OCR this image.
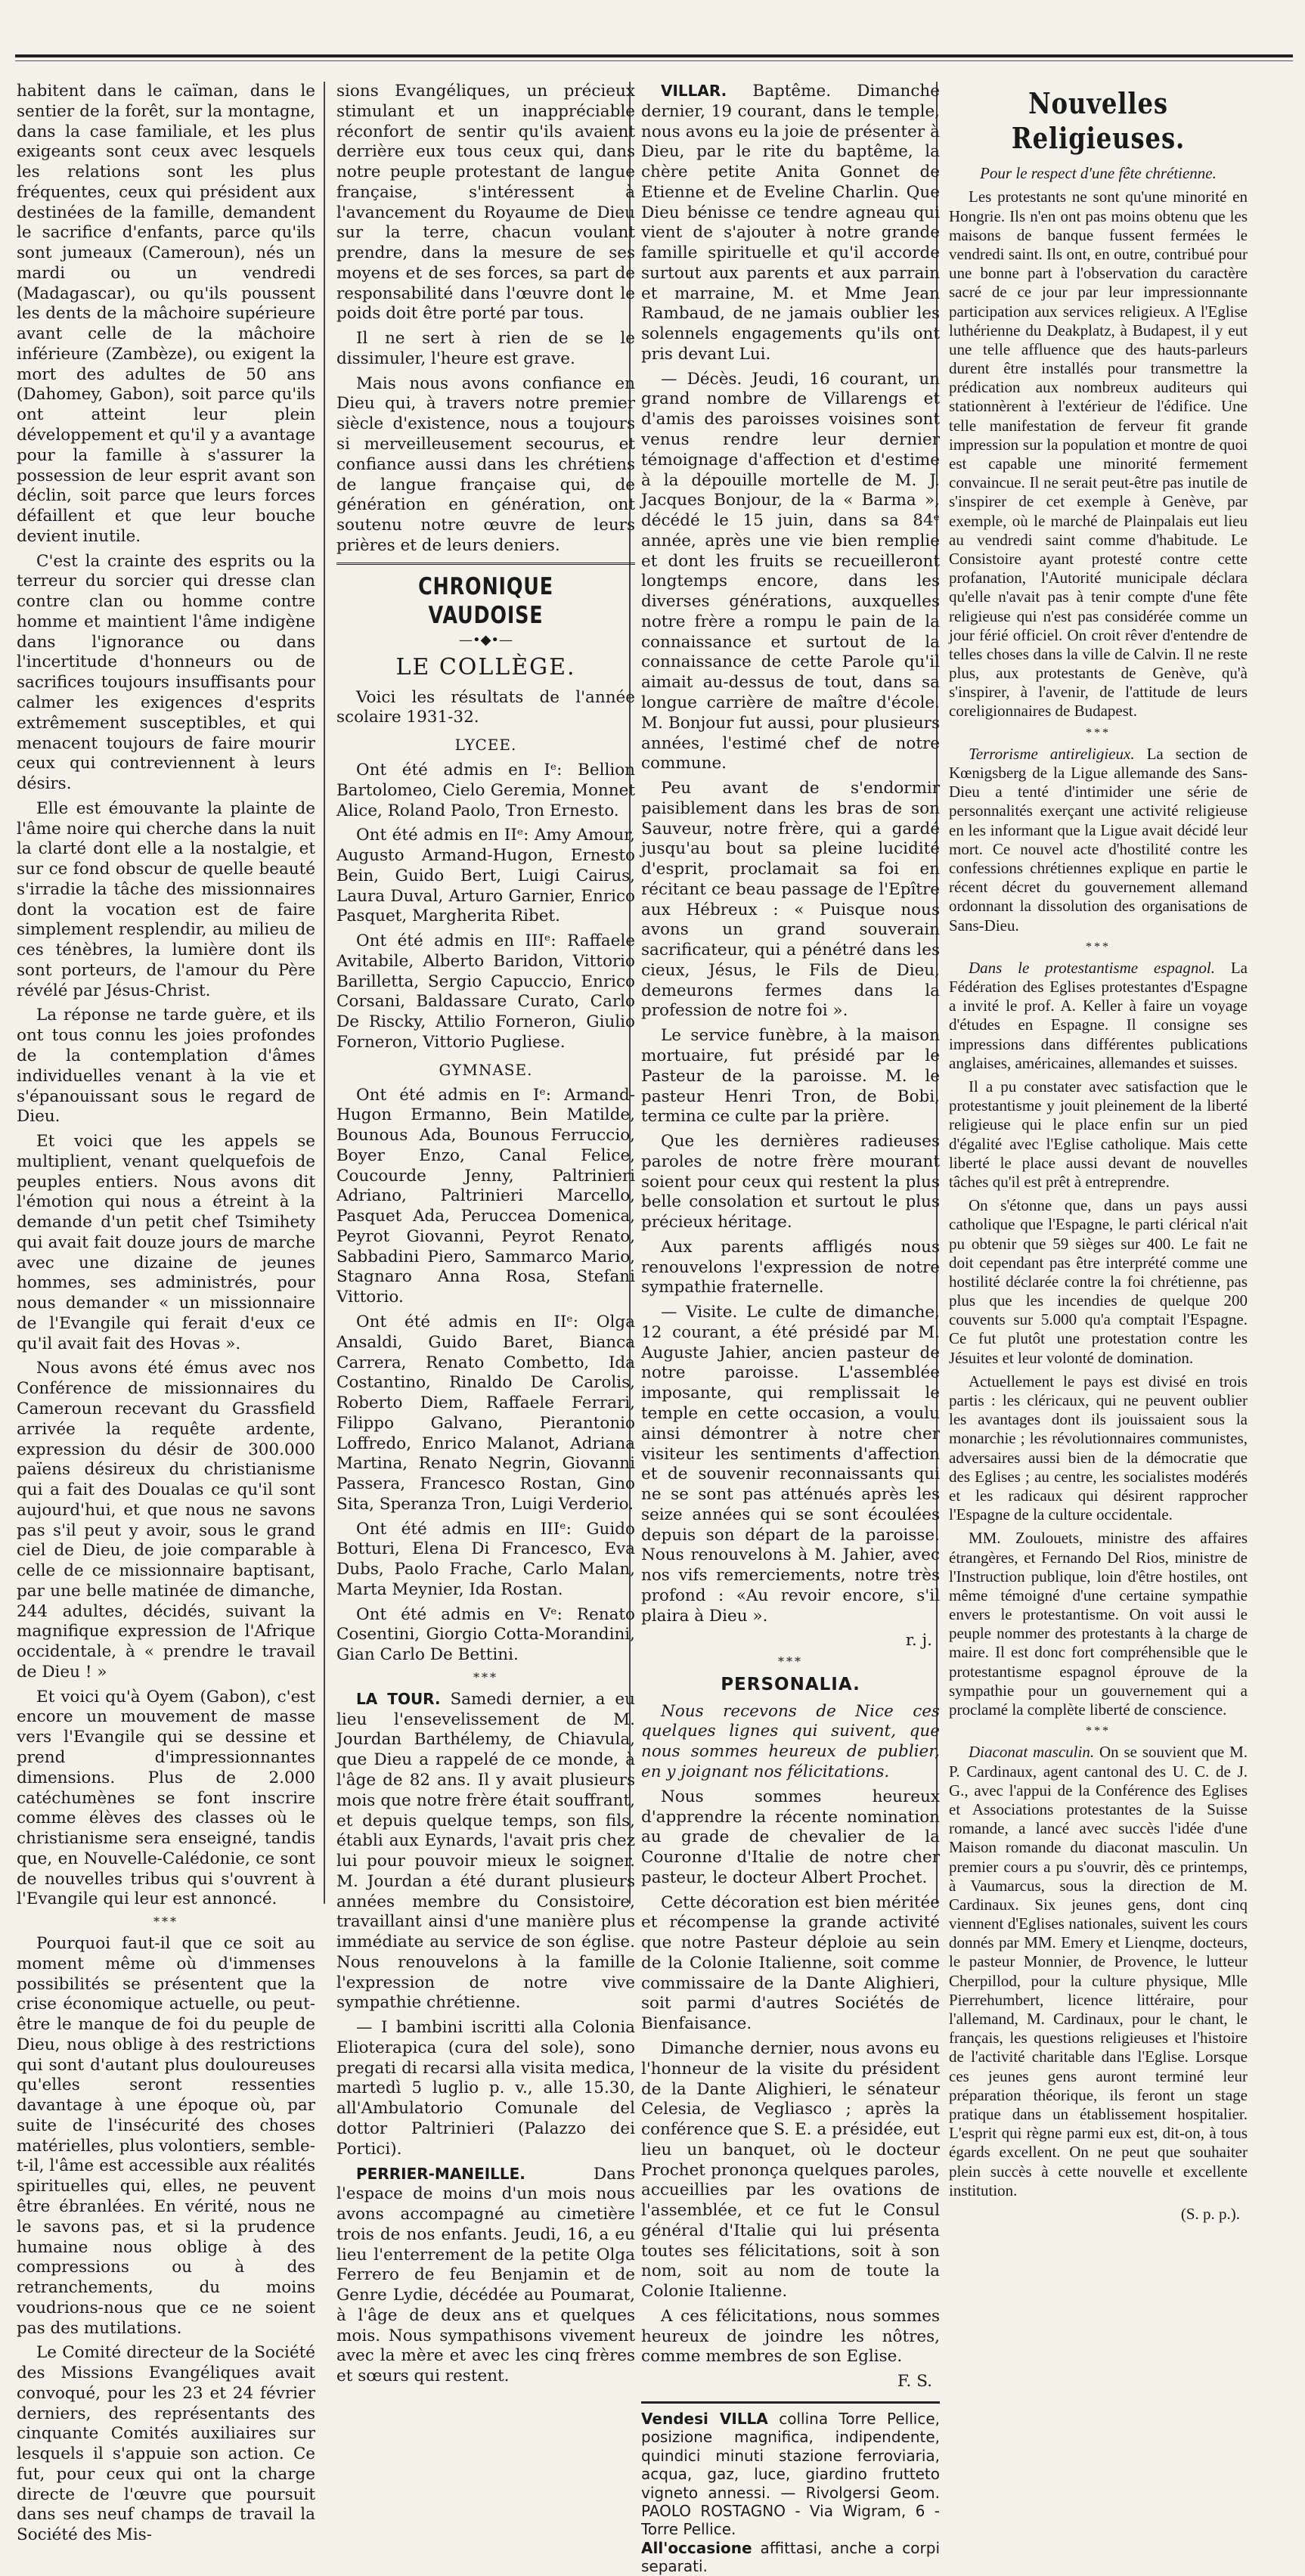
habitent dans le caïman, dans le sentier de la forêt, sur la montagne, dans la case familiale, et les plus exigeants sont ceux avec lesquels les relations sont les plus fréquentes, ceux qui président aux destinées de la famille, demandent le sacrifice d'enfants, parce qu'ils sont jumeaux (Cameroun), nés un mardi ou un vendredi (Madagascar), ou qu'ils poussent les dents de la mâchoire supérieure avant celle de la mâchoire inférieure (Zambèze), ou exigent la mort des adultes de 50 ans (Dahomey, Gabon), soit parce qu'ils ont atteint leur plein développement et qu'il y a avantage pour la famille à s'assurer la possession de leur esprit avant son déclin, soit parce que leurs forces défaillent et que leur bouche devient inutile.

C'est la crainte des esprits ou la terreur du sorcier qui dresse clan contre clan ou homme contre homme et maintient l'âme indigène dans l'ignorance ou dans l'incertitude d'honneurs ou de sacrifices toujours insuffisants pour calmer les exigences d'esprits extrêmement susceptibles, et qui menacent toujours de faire mourir ceux qui contreviennent à leurs désirs.

Elle est émouvante la plainte de l'âme noire qui cherche dans la nuit la clarté dont elle a la nostalgie, et sur ce fond obscur de quelle beauté s'irradie la tâche des missionnaires dont la vocation est de faire simplement resplendir, au milieu de ces ténèbres, la lumière dont ils sont porteurs, de l'amour du Père révélé par Jésus-Christ.

La réponse ne tarde guère, et ils ont tous connu les joies profondes de la contemplation d'âmes individuelles venant à la vie et s'épanouissant sous le regard de Dieu.

Et voici que les appels se multiplient, venant quelquefois de peuples entiers. Nous avons dit l'émotion qui nous a étreint à la demande d'un petit chef Tsimihety qui avait fait douze jours de marche avec une dizaine de jeunes hommes, ses administrés, pour nous demander « un missionnaire de l'Evangile qui ferait d'eux ce qu'il avait fait des Hovas ».

Nous avons été émus avec nos Conférence de missionnaires du Cameroun recevant du Grassfield arrivée la requête ardente, expression du désir de 300.000 païens désireux du christianisme qui a fait des Doualas ce qu'il sont aujourd'hui, et que nous ne savons pas s'il peut y avoir, sous le grand ciel de Dieu, de joie comparable à celle de ce missionnaire baptisant, par une belle matinée de dimanche, 244 adultes, décidés, suivant la magnifique expression de l'Afrique occidentale, à « prendre le travail de Dieu ! »

Et voici qu'à Oyem (Gabon), c'est encore un mouvement de masse vers l'Evangile qui se dessine et prend d'impressionnantes dimensions. Plus de 2.000 catéchumènes se font inscrire comme élèves des classes où le christianisme sera enseigné, tandis que, en Nouvelle-Calédonie, ce sont de nouvelles tribus qui s'ouvrent à l'Evangile qui leur est annoncé.

***

Pourquoi faut-il que ce soit au moment même où d'immenses possibilités se présentent que la crise économique actuelle, ou peut-être le manque de foi du peuple de Dieu, nous oblige à des restrictions qui sont d'autant plus douloureuses qu'elles seront ressenties davantage à une époque où, par suite de l'insécurité des choses matérielles, plus volontiers, semble-t-il, l'âme est accessible aux réalités spirituelles qui, elles, ne peuvent être ébranlées. En vérité, nous ne le savons pas, et si la prudence humaine nous oblige à des compressions ou à des retranchements, du moins voudrions-nous que ce ne soient pas des mutilations.

Le Comité directeur de la Société des Missions Evangéliques avait convoqué, pour les 23 et 24 février derniers, des représentants des cinquante Comités auxiliaires sur lesquels il s'appuie son action. Ce fut, pour ceux qui ont la charge directe de l'œuvre que poursuit dans ses neuf champs de travail la Société des Mis-

sions Evangéliques, un précieux stimulant et un inappréciable réconfort de sentir qu'ils avaient derrière eux tous ceux qui, dans notre peuple protestant de langue française, s'intéressent à l'avancement du Royaume de Dieu sur la terre, chacun voulant prendre, dans la mesure de ses moyens et de ses forces, sa part de responsabilité dans l'œuvre dont le poids doit être porté par tous.

Il ne sert à rien de se le dissimuler, l'heure est grave.

Mais nous avons confiance en Dieu qui, à travers notre premier siècle d'existence, nous a toujours si merveilleusement secourus, et confiance aussi dans les chrétiens de langue française qui, de génération en génération, ont soutenu notre œuvre de leurs prières et de leurs deniers.

CHRONIQUE VAUDOISE
—•◆•—
LE COLLÈGE.

Voici les résultats de l'année scolaire 1931-32.

LYCEE.

Ont été admis en Iᵉ: Bellion Bartolomeo, Cielo Geremia, Monnet Alice, Roland Paolo, Tron Ernesto.

Ont été admis en IIᵉ: Amy Amour, Augusto Armand-Hugon, Ernesto Bein, Guido Bert, Luigi Cairus, Laura Duval, Arturo Garnier, Enrico Pasquet, Margherita Ribet.

Ont été admis en IIIᵉ: Raffaele Avitabile, Alberto Baridon, Vittorio Barilletta, Sergio Capuccio, Enrico Corsani, Baldassare Curato, Carlo De Riscky, Attilio Forneron, Giulio Forneron, Vittorio Pugliese.

GYMNASE.

Ont été admis en Iᵉ: Armand-Hugon Ermanno, Bein Matilde, Bounous Ada, Bounous Ferruccio, Boyer Enzo, Canal Felice, Coucourde Jenny, Paltrinieri Adriano, Paltrinieri Marcello, Pasquet Ada, Peruccea Domenica, Peyrot Giovanni, Peyrot Renato, Sabbadini Piero, Sammarco Mario, Stagnaro Anna Rosa, Stefani Vittorio.

Ont été admis en IIᵉ: Olga Ansaldi, Guido Baret, Bianca Carrera, Renato Combetto, Ida Costantino, Rinaldo De Carolis, Roberto Diem, Raffaele Ferrari, Filippo Galvano, Pierantonio Loffredo, Enrico Malanot, Adriana Martina, Renato Negrin, Giovanni Passera, Francesco Rostan, Gino Sita, Speranza Tron, Luigi Verderio.

Ont été admis en IIIᵉ: Guido Botturi, Elena Di Francesco, Eva Dubs, Paolo Frache, Carlo Malan, Marta Meynier, Ida Rostan.

Ont été admis en Vᵉ: Renato Cosentini, Giorgio Cotta-Morandini, Gian Carlo De Bettini.

***

LA TOUR. Samedi dernier, a eu lieu l'ensevelissement de M. Jourdan Barthélemy, de Chiavula, que Dieu a rappelé de ce monde, à l'âge de 82 ans. Il y avait plusieurs mois que notre frère était souffrant, et depuis quelque temps, son fils, établi aux Eynards, l'avait pris chez lui pour pouvoir mieux le soigner. M. Jourdan a été durant plusieurs années membre du Consistoire, travaillant ainsi d'une manière plus immédiate au service de son église. Nous renouvelons à la famille l'expression de notre vive sympathie chrétienne.

— I bambini iscritti alla Colonia Elioterapica (cura del sole), sono pregati di recarsi alla visita medica, martedì 5 luglio p. v., alle 15.30, all'Ambulatorio Comunale del dottor Paltrinieri (Palazzo dei Portici).

PERRIER-MANEILLE. Dans l'espace de moins d'un mois nous avons accompagné au cimetière trois de nos enfants. Jeudi, 16, a eu lieu l'enterrement de la petite Olga Ferrero de feu Benjamin et de Genre Lydie, décédée au Poumarat, à l'âge de deux ans et quelques mois. Nous sympathisons vivement avec la mère et avec les cinq frères et sœurs qui restent.

VILLAR. Baptême. Dimanche dernier, 19 courant, dans le temple, nous avons eu la joie de présenter à Dieu, par le rite du baptême, la chère petite Anita Gonnet de Etienne et de Eveline Charlin. Que Dieu bénisse ce tendre agneau qui vient de s'ajouter à notre grande famille spirituelle et qu'il accorde surtout aux parents et aux parrain et marraine, M. et Mme Jean Rambaud, de ne jamais oublier les solennels engagements qu'ils ont pris devant Lui.

— Décès. Jeudi, 16 courant, un grand nombre de Villarengs et d'amis des paroisses voisines sont venus rendre leur dernier témoignage d'affection et d'estime à la dépouille mortelle de M. J. Jacques Bonjour, de la « Barma », décédé le 15 juin, dans sa 84ᵉ année, après une vie bien remplie et dont les fruits se recueilleront longtemps encore, dans les diverses générations, auxquelles notre frère a rompu le pain de la connaissance et surtout de la connaissance de cette Parole qu'il aimait au-dessus de tout, dans sa longue carrière de maître d'école. M. Bonjour fut aussi, pour plusieurs années, l'estimé chef de notre commune.

Peu avant de s'endormir paisiblement dans les bras de son Sauveur, notre frère, qui a gardé jusqu'au bout sa pleine lucidité d'esprit, proclamait sa foi en récitant ce beau passage de l'Epître aux Hébreux : « Puisque nous avons un grand souverain sacrificateur, qui a pénétré dans les cieux, Jésus, le Fils de Dieu, demeurons fermes dans la profession de notre foi ».

Le service funèbre, à la maison mortuaire, fut présidé par le Pasteur de la paroisse. M. le pasteur Henri Tron, de Bobi, termina ce culte par la prière.

Que les dernières radieuses paroles de notre frère mourant soient pour ceux qui restent la plus belle consolation et surtout le plus précieux héritage.

Aux parents affligés nous renouvelons l'expression de notre sympathie fraternelle.

— Visite. Le culte de dimanche, 12 courant, a été présidé par M. Auguste Jahier, ancien pasteur de notre paroisse. L'assemblée imposante, qui remplissait le temple en cette occasion, a voulu ainsi démontrer à notre cher visiteur les sentiments d'affection et de souvenir reconnaissants qui ne se sont pas atténués après les seize années qui se sont écoulées depuis son départ de la paroisse. Nous renouvelons à M. Jahier, avec nos vifs remerciements, notre très profond : «Au revoir encore, s'il plaira à Dieu ».

r. j.
***
PERSONALIA.

Nous recevons de Nice ces quelques lignes qui suivent, que nous sommes heureux de publier, en y joignant nos félicitations.

Nous sommes heureux d'apprendre la récente nomination au grade de chevalier de la Couronne d'Italie de notre cher pasteur, le docteur Albert Prochet.

Cette décoration est bien méritée et récompense la grande activité que notre Pasteur déploie au sein de la Colonie Italienne, soit comme commissaire de la Dante Alighieri, soit parmi d'autres Sociétés de Bienfaisance.

Dimanche dernier, nous avons eu l'honneur de la visite du président de la Dante Alighieri, le sénateur Celesia, de Vegliasco ; après la conférence que S. E. a présidée, eut lieu un banquet, où le docteur Prochet prononça quelques paroles, accueillies par les ovations de l'assemblée, et ce fut le Consul général d'Italie qui lui présenta toutes ses félicitations, soit à son nom, soit au nom de toute la Colonie Italienne.

A ces félicitations, nous sommes heureux de joindre les nôtres, comme membres de son Eglise.

F. S.

Vendesi VILLA collina Torre Pellice, posizione magnifica, indipendente, quindici minuti stazione ferroviaria, acqua, gaz, luce, giardino frutteto vigneto annessi. — Rivolgersi Geom. PAOLO ROSTAGNO - Via Wigram, 6 - Torre Pellice.

All'occasione affittasi, anche a corpi separati.

Nouvelles Religieuses.

Pour le respect d'une fête chrétienne.

Les protestants ne sont qu'une minorité en Hongrie. Ils n'en ont pas moins obtenu que les maisons de banque fussent fermées le vendredi saint. Ils ont, en outre, contribué pour une bonne part à l'observation du caractère sacré de ce jour par leur impressionnante participation aux services religieux. A l'Eglise luthérienne du Deakplatz, à Budapest, il y eut une telle affluence que des hauts-parleurs durent être installés pour transmettre la prédication aux nombreux auditeurs qui stationnèrent à l'extérieur de l'édifice. Une telle manifestation de ferveur fit grande impression sur la population et montre de quoi est capable une minorité fermement convaincue. Il ne serait peut-être pas inutile de s'inspirer de cet exemple à Genève, par exemple, où le marché de Plainpalais eut lieu au vendredi saint comme d'habitude. Le Consistoire ayant protesté contre cette profanation, l'Autorité municipale déclara qu'elle n'avait pas à tenir compte d'une fête religieuse qui n'est pas considérée comme un jour férié officiel. On croit rêver d'entendre de telles choses dans la ville de Calvin. Il ne reste plus, aux protestants de Genève, qu'à s'inspirer, à l'avenir, de l'attitude de leurs coreligionnaires de Budapest.

***

Terrorisme antireligieux. La section de Kœnigsberg de la Ligue allemande des Sans-Dieu a tenté d'intimider une série de personnalités exerçant une activité religieuse en les informant que la Ligue avait décidé leur mort. Ce nouvel acte d'hostilité contre les confessions chrétiennes explique en partie le récent décret du gouvernement allemand ordonnant la dissolution des organisations de Sans-Dieu.

***

Dans le protestantisme espagnol. La Fédération des Eglises protestantes d'Espagne a invité le prof. A. Keller à faire un voyage d'études en Espagne. Il consigne ses impressions dans différentes publications anglaises, américaines, allemandes et suisses.

Il a pu constater avec satisfaction que le protestantisme y jouit pleinement de la liberté religieuse qui le place enfin sur un pied d'égalité avec l'Eglise catholique. Mais cette liberté le place aussi devant de nouvelles tâches qu'il est prêt à entreprendre.

On s'étonne que, dans un pays aussi catholique que l'Espagne, le parti clérical n'ait pu obtenir que 59 sièges sur 400. Le fait ne doit cependant pas être interprété comme une hostilité déclarée contre la foi chrétienne, pas plus que les incendies de quelque 200 couvents sur 5.000 qu'a comptait l'Espagne. Ce fut plutôt une protestation contre les Jésuites et leur volonté de domination.

Actuellement le pays est divisé en trois partis : les cléricaux, qui ne peuvent oublier les avantages dont ils jouissaient sous la monarchie ; les révolutionnaires communistes, adversaires aussi bien de la démocratie que des Eglises ; au centre, les socialistes modérés et les radicaux qui désirent rapprocher l'Espagne de la culture occidentale.

MM. Zoulouets, ministre des affaires étrangères, et Fernando Del Rios, ministre de l'Instruction publique, loin d'être hostiles, ont même témoigné d'une certaine sympathie envers le protestantisme. On voit aussi le peuple nommer des protestants à la charge de maire. Il est donc fort compréhensible que le protestantisme espagnol éprouve de la sympathie pour un gouvernement qui a proclamé la complète liberté de conscience.

***

Diaconat masculin. On se souvient que M. P. Cardinaux, agent cantonal des U. C. de J. G., avec l'appui de la Conférence des Eglises et Associations protestantes de la Suisse romande, a lancé avec succès l'idée d'une Maison romande du diaconat masculin. Un premier cours a pu s'ouvrir, dès ce printemps, à Vaumarcus, sous la direction de M. Cardinaux. Six jeunes gens, dont cinq viennent d'Eglises nationales, suivent les cours donnés par MM. Emery et Lienqme, docteurs, le pasteur Monnier, de Provence, le lutteur Cherpillod, pour la culture physique, Mlle Pierrehumbert, licence littéraire, pour l'allemand, M. Cardinaux, pour le chant, le français, les questions religieuses et l'histoire de l'activité charitable dans l'Eglise. Lorsque ces jeunes gens auront terminé leur préparation théorique, ils feront un stage pratique dans un établissement hospitalier. L'esprit qui règne parmi eux est, dit-on, à tous égards excellent. On ne peut que souhaiter plein succès à cette nouvelle et excellente institution.

(S. p. p.).
